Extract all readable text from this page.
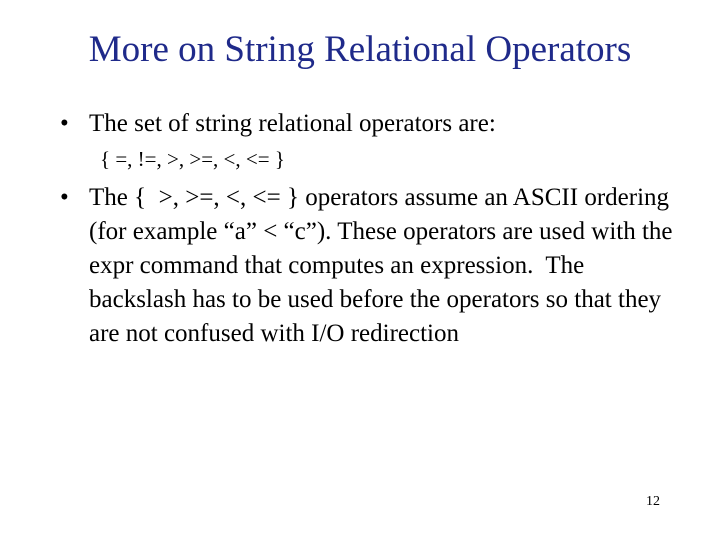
More on String Relational Operators
• The set of string relational operators are:
{ =, !=, >, >=, <, <= }
• The {  >, >=, <, <= } operators assume an ASCII ordering (for example “a” < “c”). These operators are used with the expr command that computes an expression.  The backslash has to be used before the operators so that they are not confused with I/O redirection
12
